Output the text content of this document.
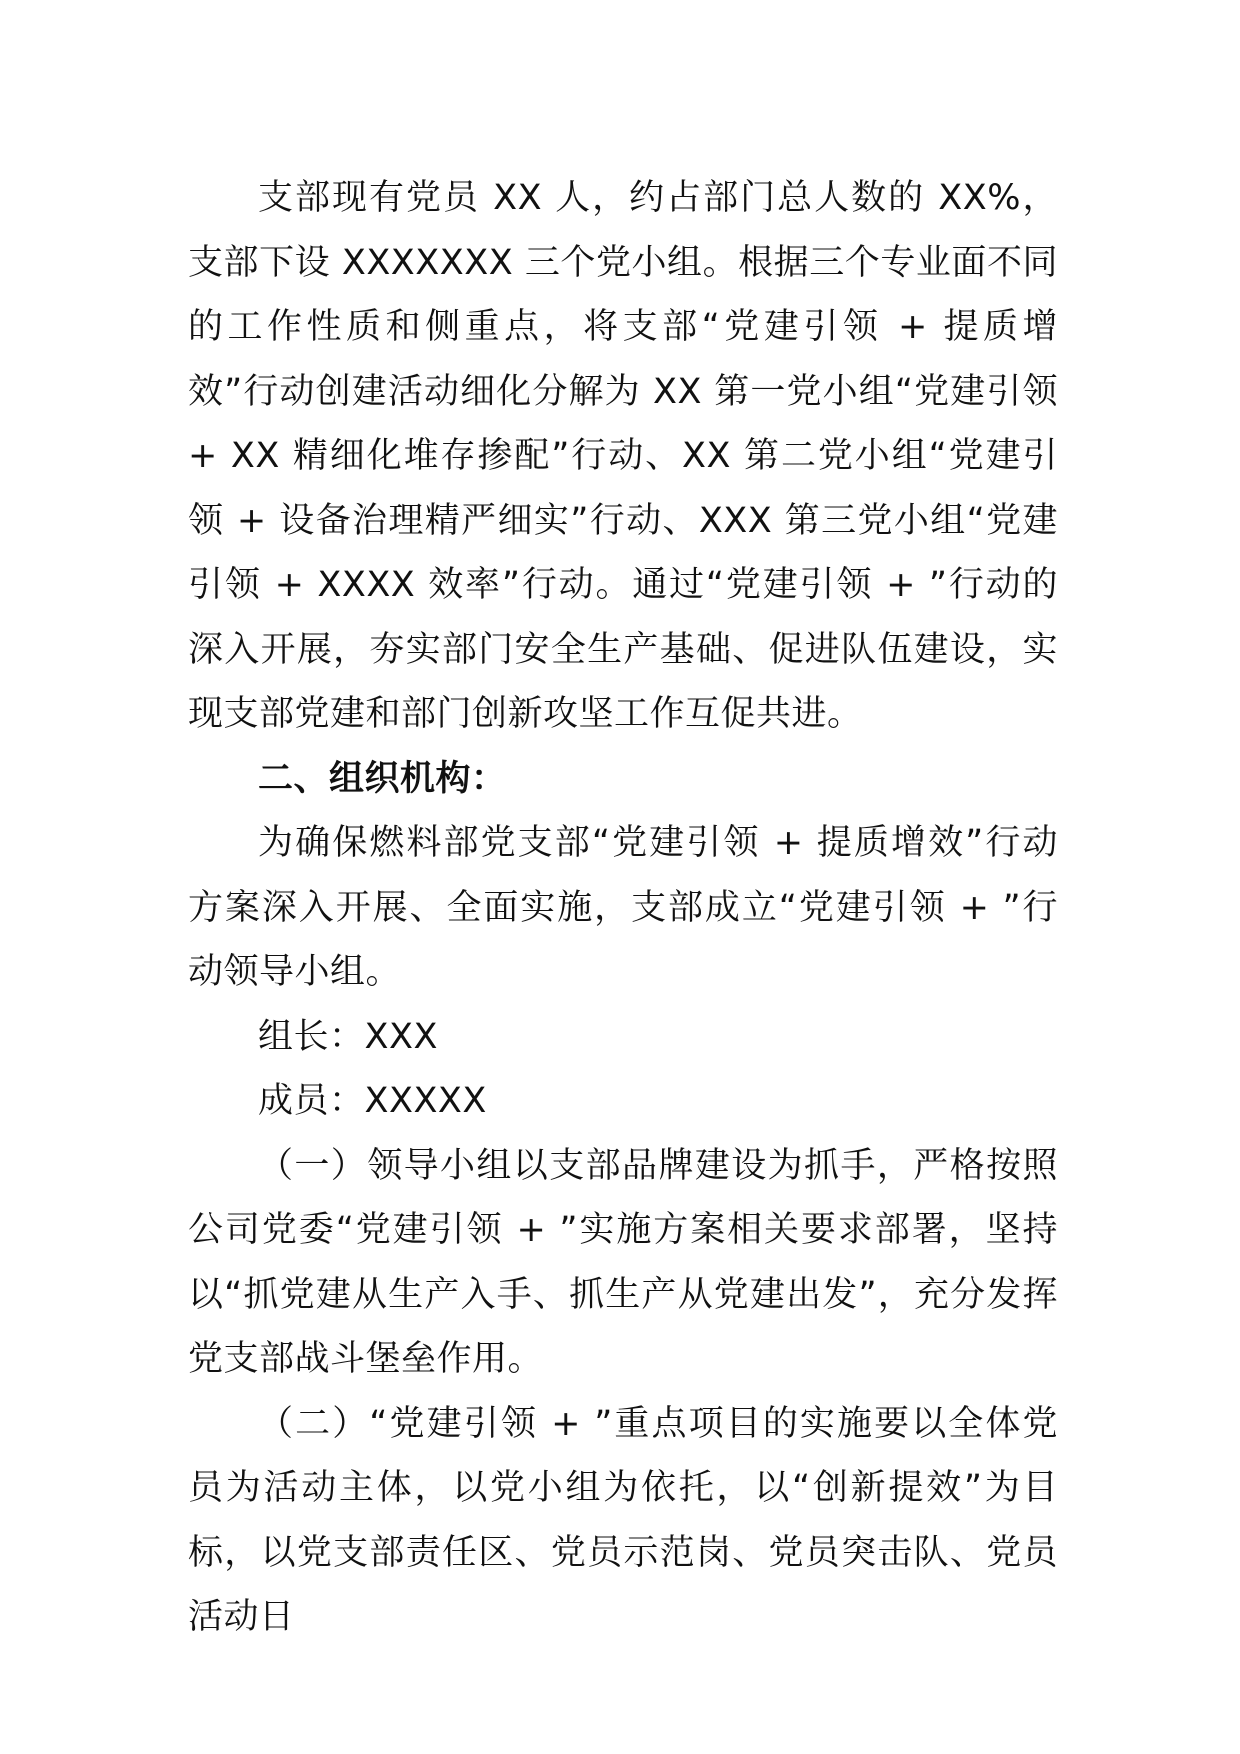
支部现有党员 XX 人，约占部门总人数的 XX%，支部下设 XXXXXXX 三个党小组。根据三个专业面不同的工作性质和侧重点，将支部“党建引领 + 提质增效”行动创建活动细化分解为 XX 第一党小组“党建引领 + XX 精细化堆存掺配”行动、XX 第二党小组“党建引领 + 设备治理精严细实”行动、XXX 第三党小组“党建引领 + XXXX 效率”行动。通过“党建引领 + ”行动的深入开展，夯实部门安全生产基础、促进队伍建设，实现支部党建和部门创新攻坚工作互促共进。

二、组织机构：

为确保燃料部党支部“党建引领 + 提质增效”行动方案深入开展、全面实施，支部成立“党建引领 + ”行动领导小组。

组长：XXX

成员：XXXXX

（一）领导小组以支部品牌建设为抓手，严格按照公司党委“党建引领 + ”实施方案相关要求部署，坚持以“抓党建从生产入手、抓生产从党建出发”，充分发挥党支部战斗堡垒作用。

（二）“党建引领 + ”重点项目的实施要以全体党员为活动主体，以党小组为依托，以“创新提效”为目标，以党支部责任区、党员示范岗、党员突击队、党员活动日
